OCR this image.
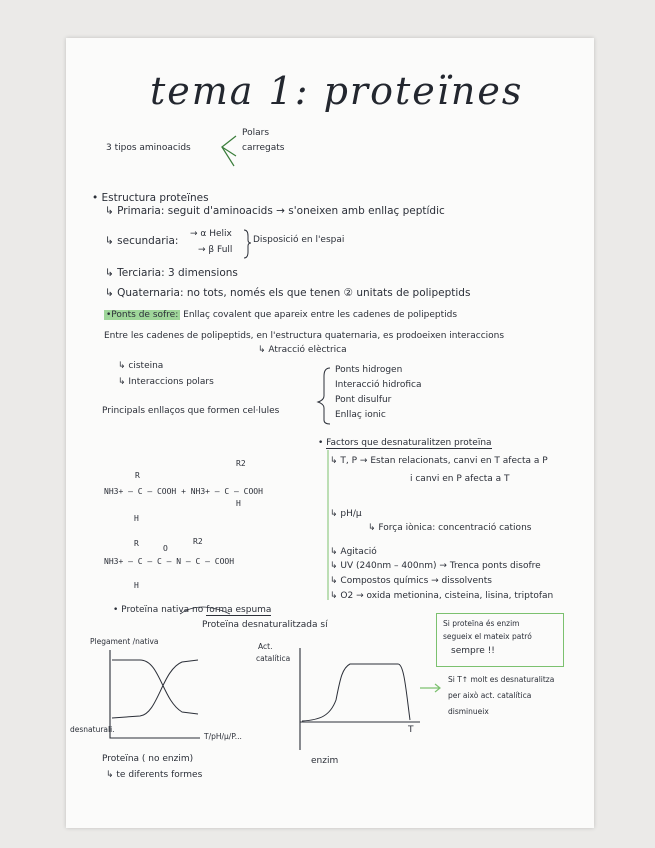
tema 1: proteïnes
3 tipos aminoacids
Polars
carregats
• Estructura proteïnes
↳ Primaria: seguit d'aminoacids → s'oneixen amb enllaç peptídic
↳ secundaria:
→ α Helix
→ β Full
Disposició en l'espai
↳ Terciaria: 3 dimensions
↳ Quaternaria: no tots, només els que tenen ② unitats de polipeptids
•Ponts de sofre: Enllaç covalent que apareix entre les cadenes de polipeptids
Entre les cadenes de polipeptids, en l'estructura quaternaria, es prodoeixen interaccions
↳ Atracció elèctrica
↳ cisteina
↳ Interaccions polars
Principals enllaços que formen cel·lules
Ponts hidrogen
Interacció hidrofica
Pont disulfur
Enllaç ionic
R
R2
NH3+ – C – COOH + NH3+ – C – COOH
H
H
R	R2
O
NH3+ – C – C – N – C – COOH
H
• Factors que desnaturalitzen proteïna
↳ T, P → Estan relacionats, canvi en T afecta a P
i canvi en P afecta a T
↳ pH/μ
↳ Força iònica: concentració cations
↳ Agitació
↳ UV (240nm – 400nm) → Trenca ponts disofre
↳ Compostos químics → dissolvents
↳ O2 → oxida metionina, cisteina, lisina, triptofan
• Proteïna nativa no forma espuma
Proteïna desnaturalitzada sí
Plegament /nativa
desnaturali.
T/pH/μ/P...
Proteïna ( no enzim)
↳ te diferents formes
Act.
catalítica
T
enzim
Si proteïna és enzim
segueix el mateix patró
sempre !!
Si T↑ molt es desnaturalitza
per això act. catalítica
disminueix
